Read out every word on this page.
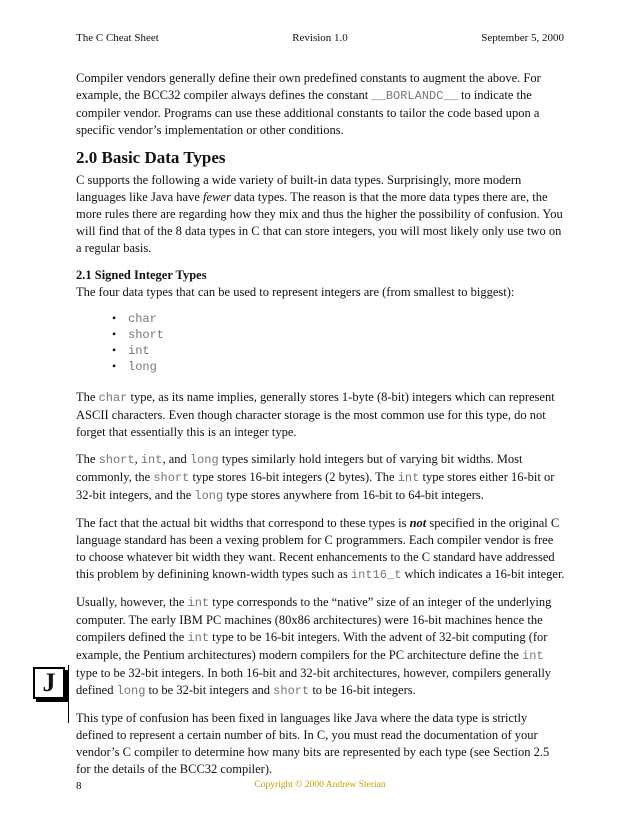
The C Cheat Sheet	Revision 1.0	September 5, 2000

Compiler vendors generally define their own predefined constants to augment the above. For example, the BCC32 compiler always defines the constant __BORLANDC__ to indicate the compiler vendor. Programs can use these additional constants to tailor the code based upon a specific vendor’s implementation or other conditions.

2.0 Basic Data Types

C supports the following a wide variety of built-in data types. Surprisingly, more modern languages like Java have fewer data types. The reason is that the more data types there are, the more rules there are regarding how they mix and thus the higher the possibility of confusion. You will find that of the 8 data types in C that can store integers, you will most likely only use two on a regular basis.

2.1 Signed Integer Types

The four data types that can be used to represent integers are (from smallest to biggest):

• char
• short
• int
• long

The char type, as its name implies, generally stores 1-byte (8-bit) integers which can represent ASCII characters. Even though character storage is the most common use for this type, do not forget that essentially this is an integer type.

The short, int, and long types similarly hold integers but of varying bit widths. Most commonly, the short type stores 16-bit integers (2 bytes). The int type stores either 16-bit or 32-bit integers, and the long type stores anywhere from 16-bit to 64-bit integers.

The fact that the actual bit widths that correspond to these types is not specified in the original C language standard has been a vexing problem for C programmers. Each compiler vendor is free to choose whatever bit width they want. Recent enhancements to the C standard have addressed this problem by definining known-width types such as int16_t which indicates a 16-bit integer.

Usually, however, the int type corresponds to the “native” size of an integer of the underlying computer. The early IBM PC machines (80x86 architectures) were 16-bit machines hence the compilers defined the int type to be 16-bit integers. With the advent of 32-bit computing (for example, the Pentium architectures) modern compilers for the PC architecture define the int type to be 32-bit integers. In both 16-bit and 32-bit architectures, however, compilers generally defined long to be 32-bit integers and short to be 16-bit integers.

This type of confusion has been fixed in languages like Java where the data type is strictly defined to represent a certain number of bits. In C, you must read the documentation of your vendor’s C compiler to determine how many bits are represented by each type (see Section 2.5 for the details of the BCC32 compiler).

J
8	Copyright © 2000 Andrew Sterian
